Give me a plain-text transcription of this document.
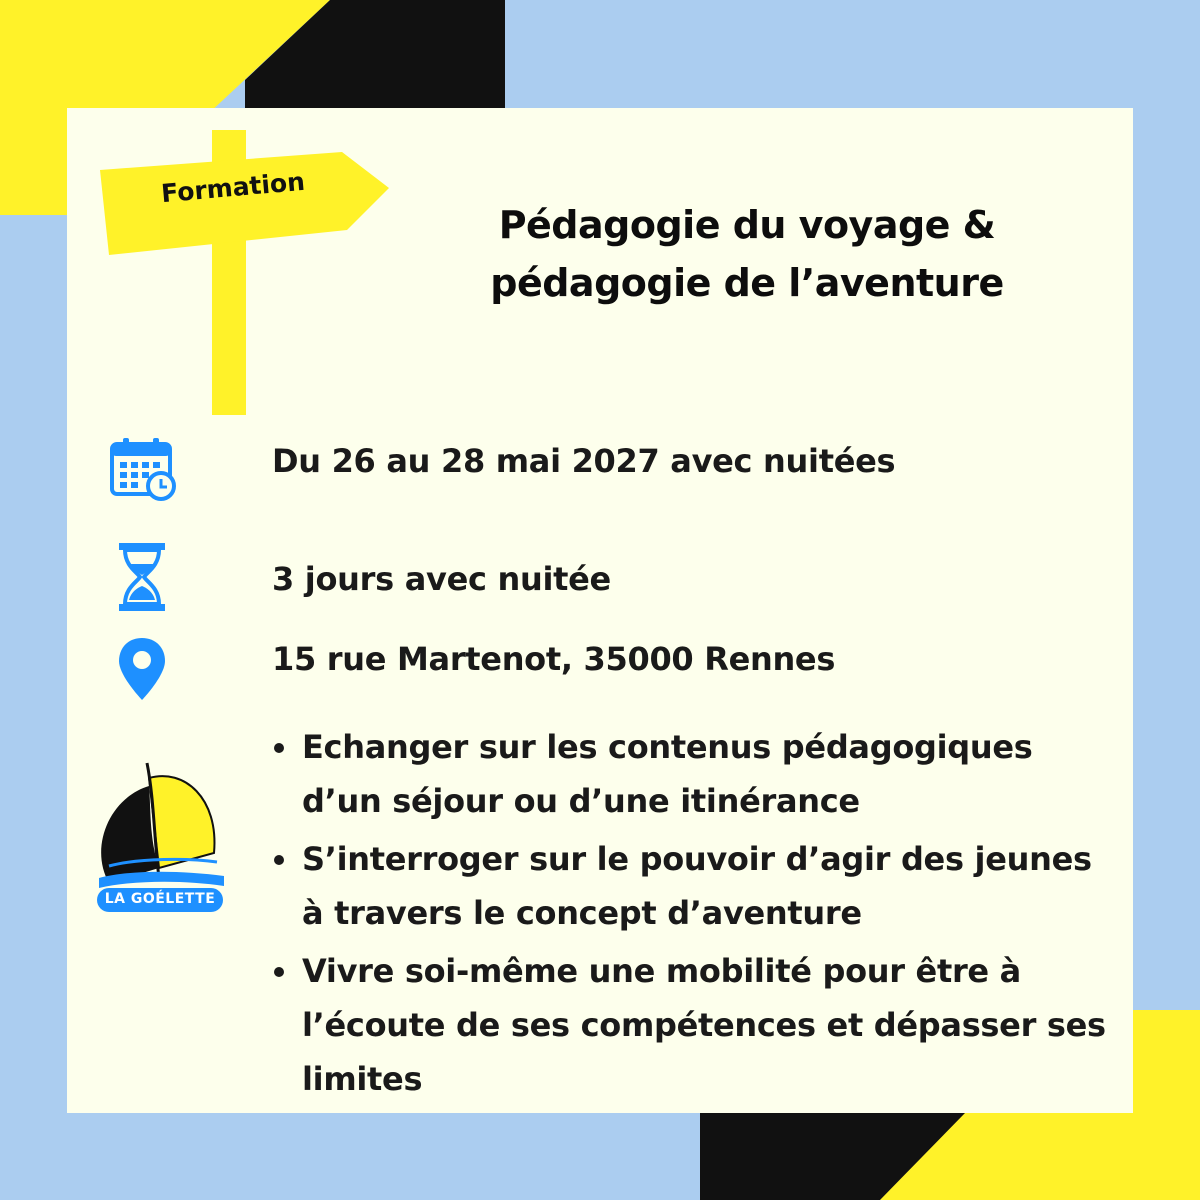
Formation
Pédagogie du voyage &
pédagogie de l’aventure
Du 26 au 28 mai 2027 avec nuitées
3 jours avec nuitée
15 rue Martenot, 35000 Rennes
LA GOÉLETTE
Echanger sur les contenus pédagogiques d’un séjour ou d’une itinérance
S’interroger sur le pouvoir d’agir des jeunes à travers le concept d’aventure
Vivre soi-même une mobilité pour être à l’écoute de ses compétences et dépasser ses limites
